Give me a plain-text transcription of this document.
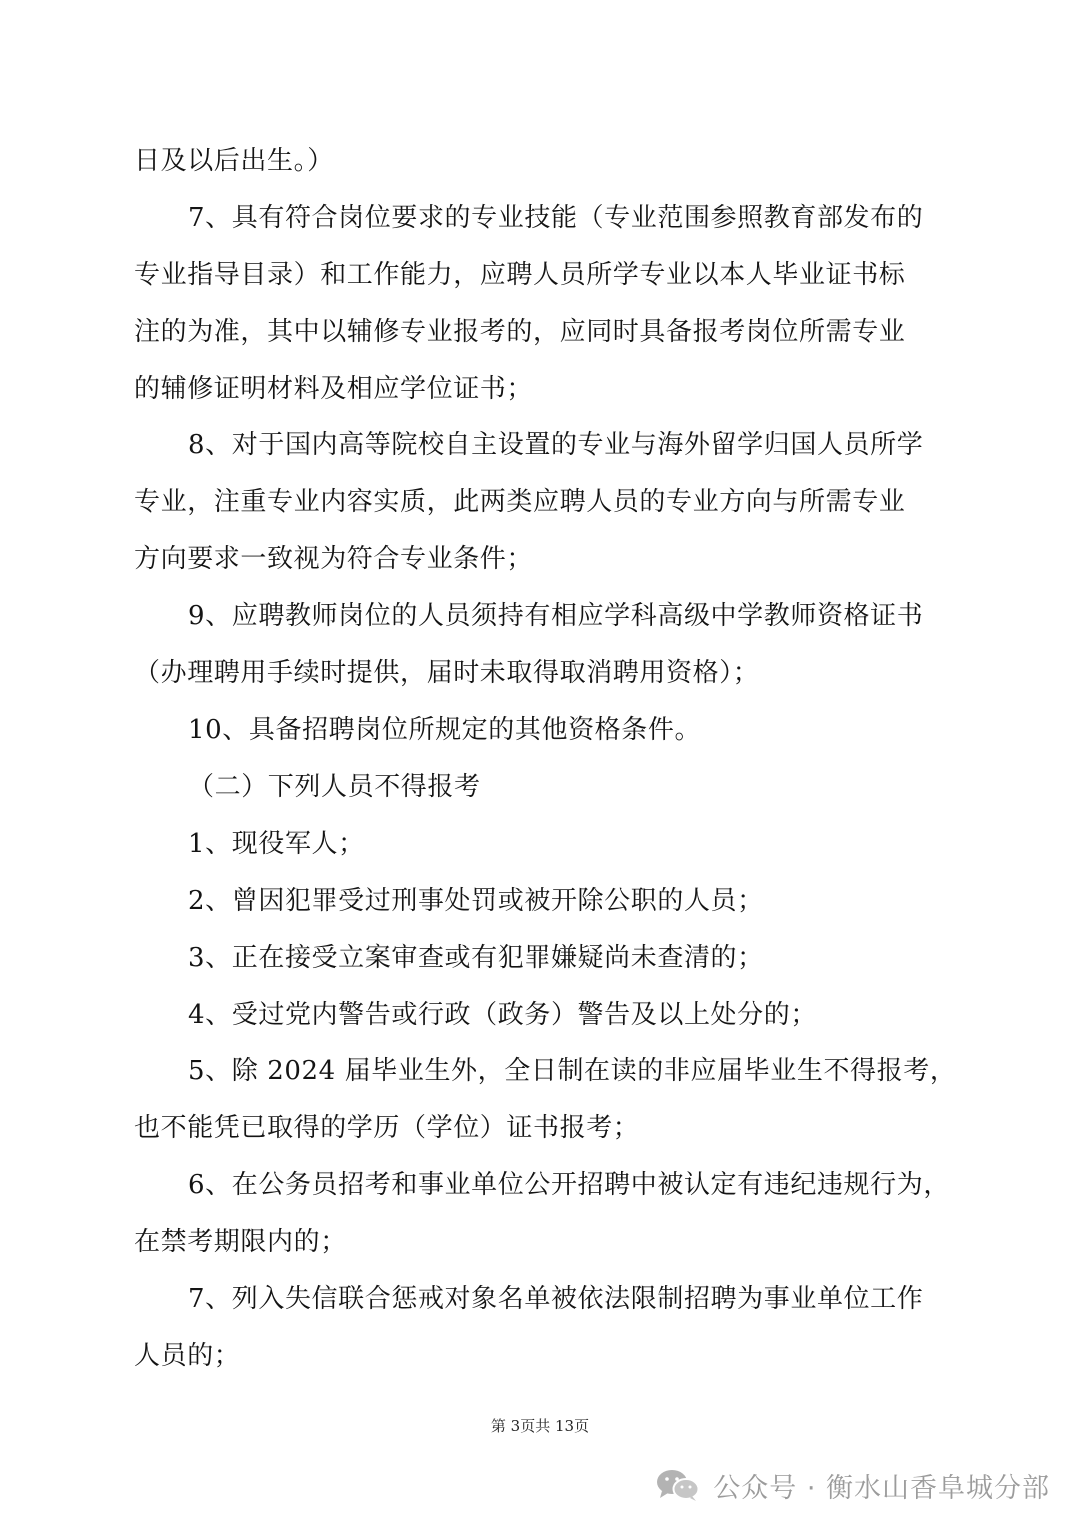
日及以后出生。）
7、具有符合岗位要求的专业技能（专业范围参照教育部发布的
专业指导目录）和工作能力，应聘人员所学专业以本人毕业证书标
注的为准，其中以辅修专业报考的，应同时具备报考岗位所需专业
的辅修证明材料及相应学位证书；
8、对于国内高等院校自主设置的专业与海外留学归国人员所学
专业，注重专业内容实质，此两类应聘人员的专业方向与所需专业
方向要求一致视为符合专业条件；
9、应聘教师岗位的人员须持有相应学科高级中学教师资格证书
（办理聘用手续时提供，届时未取得取消聘用资格）；
10、具备招聘岗位所规定的其他资格条件。
（二）下列人员不得报考
1、现役军人；
2、曾因犯罪受过刑事处罚或被开除公职的人员；
3、正在接受立案审查或有犯罪嫌疑尚未查清的；
4、受过党内警告或行政（政务）警告及以上处分的；
5、除 2024 届毕业生外，全日制在读的非应届毕业生不得报考，
也不能凭已取得的学历（学位）证书报考；
6、在公务员招考和事业单位公开招聘中被认定有违纪违规行为，
在禁考期限内的；
7、列入失信联合惩戒对象名单被依法限制招聘为事业单位工作
人员的；
第 3页共 13页
公众号 · 衡水山香阜城分部
